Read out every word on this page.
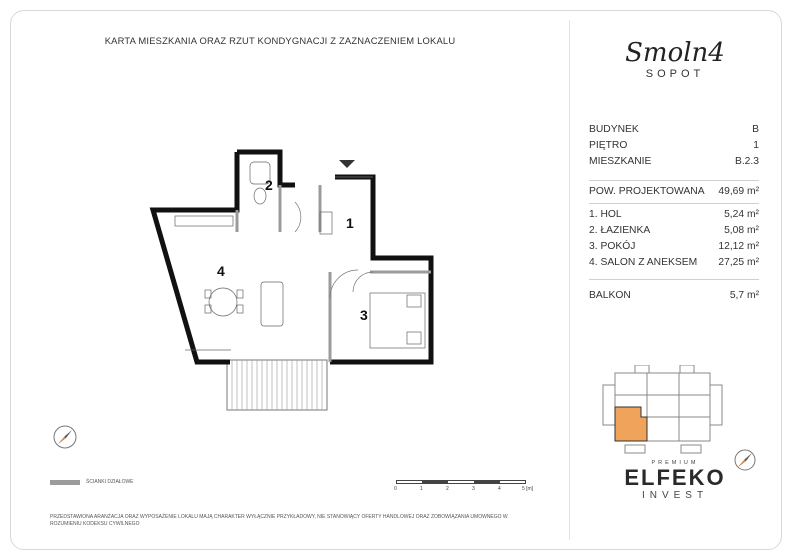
KARTA MIESZKANIA ORAZ RZUT KONDYGNACJI Z ZAZNACZENIEM LOKALU
1
2
3
4
ŚCIANKI DZIAŁOWE
0	1	2	3	4	5 [m]
PRZEDSTAWIONA ARANŻACJA ORAZ WYPOSAŻENIE LOKALU MAJĄ CHARAKTER WYŁĄCZNIE PRZYKŁADOWY, NIE STANOWIĄCY OFERTY HANDLOWEJ ORAZ ZOBOWIĄZANIA UMOWNEGO W ROZUMIENIU KODEKSU CYWILNEGO
Smoln4
SOPOT
BUDYNEK	B
PIĘTRO	1
MIESZKANIE	B.2.3
POW. PROJEKTOWANA 49,69 m²
1. HOL	5,24 m²
2. ŁAZIENKA	5,08 m²
3. POKÓJ	12,12 m²
4. SALON Z ANEKSEM 27,25 m²
BALKON	5,7 m²
PREMIUM
ELFEKO
INVEST
